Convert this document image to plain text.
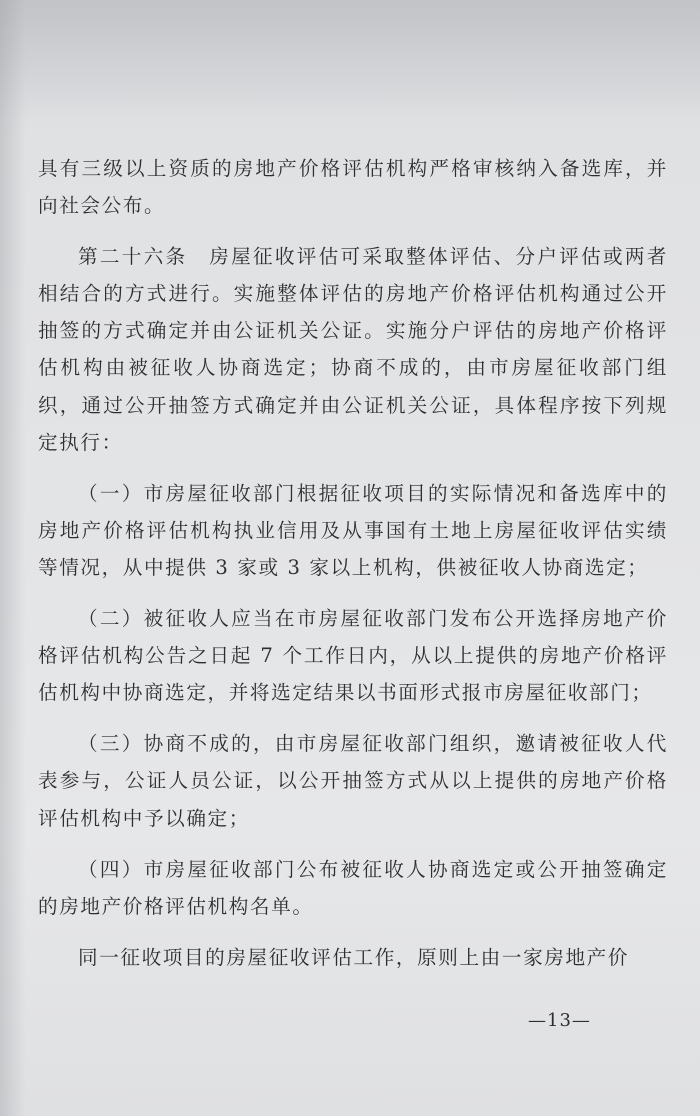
具有三级以上资质的房地产价格评估机构严格审核纳入备选库，并向社会公布。

第二十六条　房屋征收评估可采取整体评估、分户评估或两者相结合的方式进行。实施整体评估的房地产价格评估机构通过公开抽签的方式确定并由公证机关公证。实施分户评估的房地产价格评估机构由被征收人协商选定；协商不成的，由市房屋征收部门组织，通过公开抽签方式确定并由公证机关公证，具体程序按下列规定执行：

（一）市房屋征收部门根据征收项目的实际情况和备选库中的房地产价格评估机构执业信用及从事国有土地上房屋征收评估实绩等情况，从中提供 3 家或 3 家以上机构，供被征收人协商选定；

（二）被征收人应当在市房屋征收部门发布公开选择房地产价格评估机构公告之日起 7 个工作日内，从以上提供的房地产价格评估机构中协商选定，并将选定结果以书面形式报市房屋征收部门；

（三）协商不成的，由市房屋征收部门组织，邀请被征收人代表参与，公证人员公证，以公开抽签方式从以上提供的房地产价格评估机构中予以确定；

（四）市房屋征收部门公布被征收人协商选定或公开抽签确定的房地产价格评估机构名单。

同一征收项目的房屋征收评估工作，原则上由一家房地产价

—13—
